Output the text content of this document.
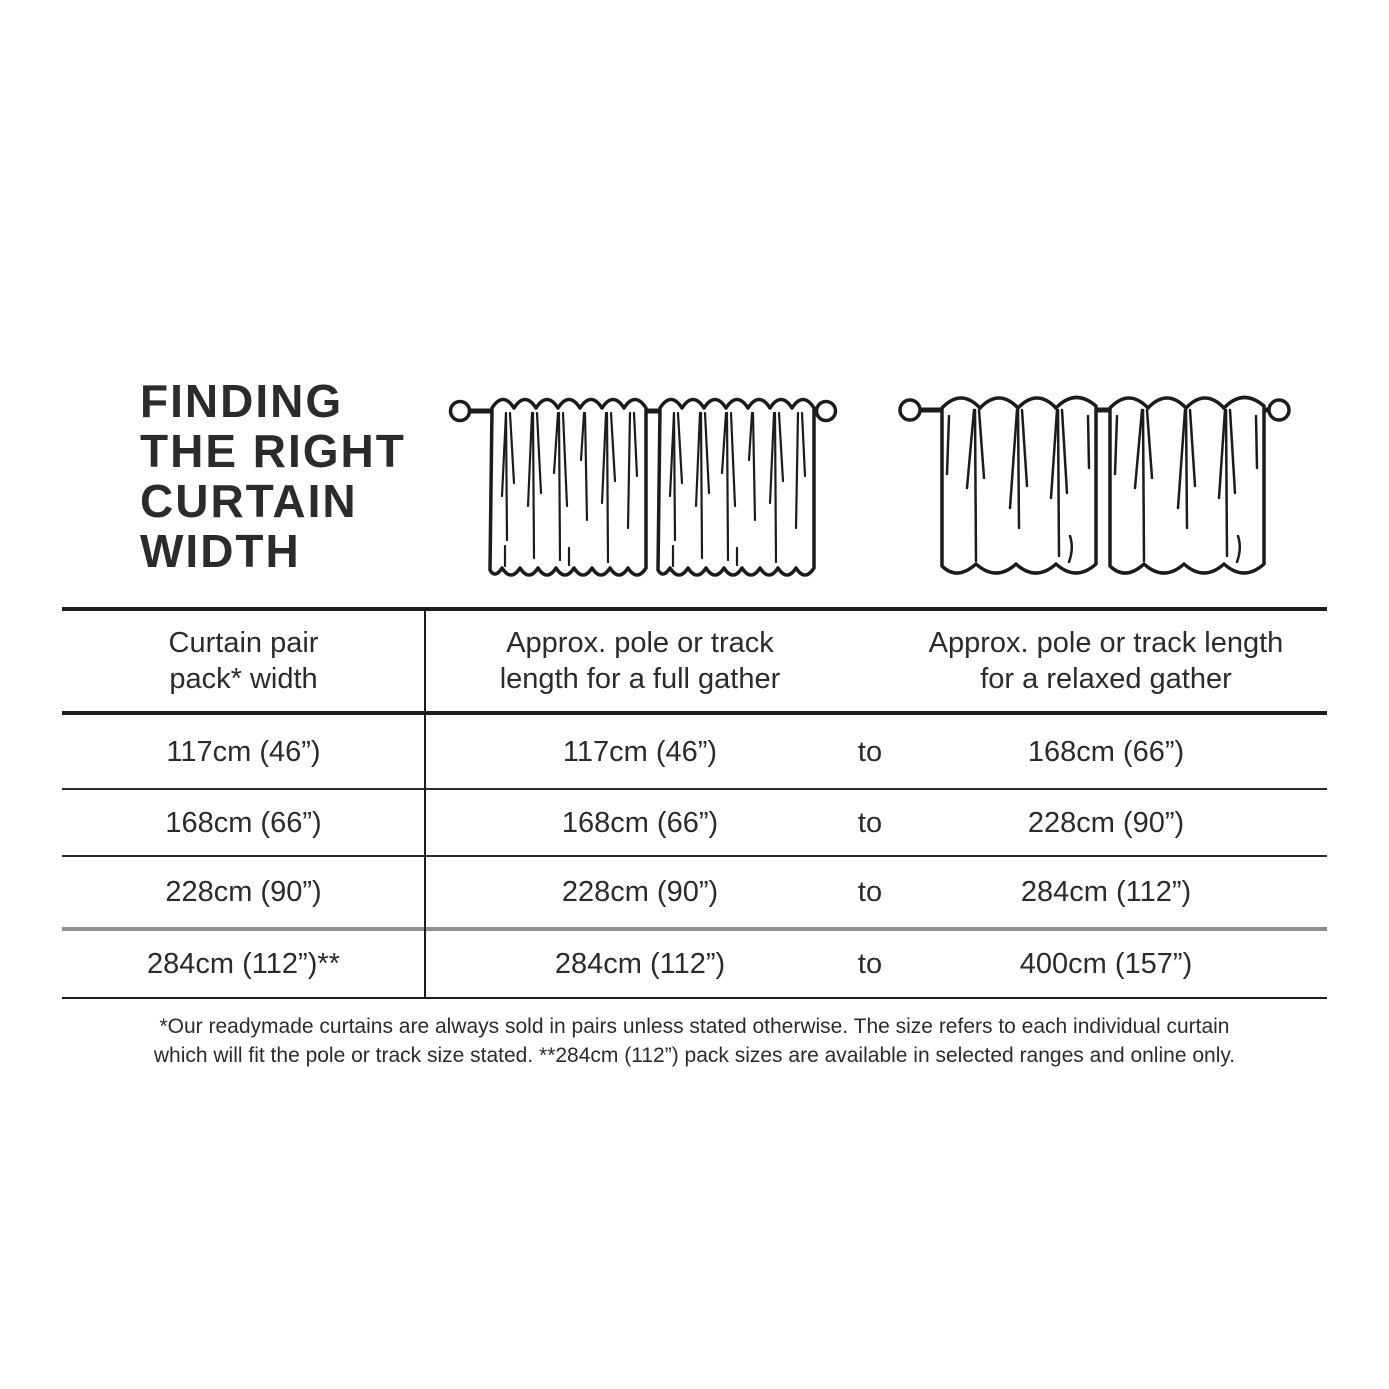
FINDING
THE RIGHT
CURTAIN
WIDTH
Curtain pair
pack* width
Approx. pole or track
length for a full gather
Approx. pole or track length
for a relaxed gather
117cm (46”)	117cm (46”)	to	168cm (66”)
168cm (66”)	168cm (66”)	to	228cm (90”)
228cm (90”)	228cm (90”)	to	284cm (112”)
284cm (112”)**	284cm (112”)	to	400cm (157”)
*Our readymade curtains are always sold in pairs unless stated otherwise. The size refers to each individual curtain
which will fit the pole or track size stated. **284cm (112”) pack sizes are available in selected ranges and online only.
